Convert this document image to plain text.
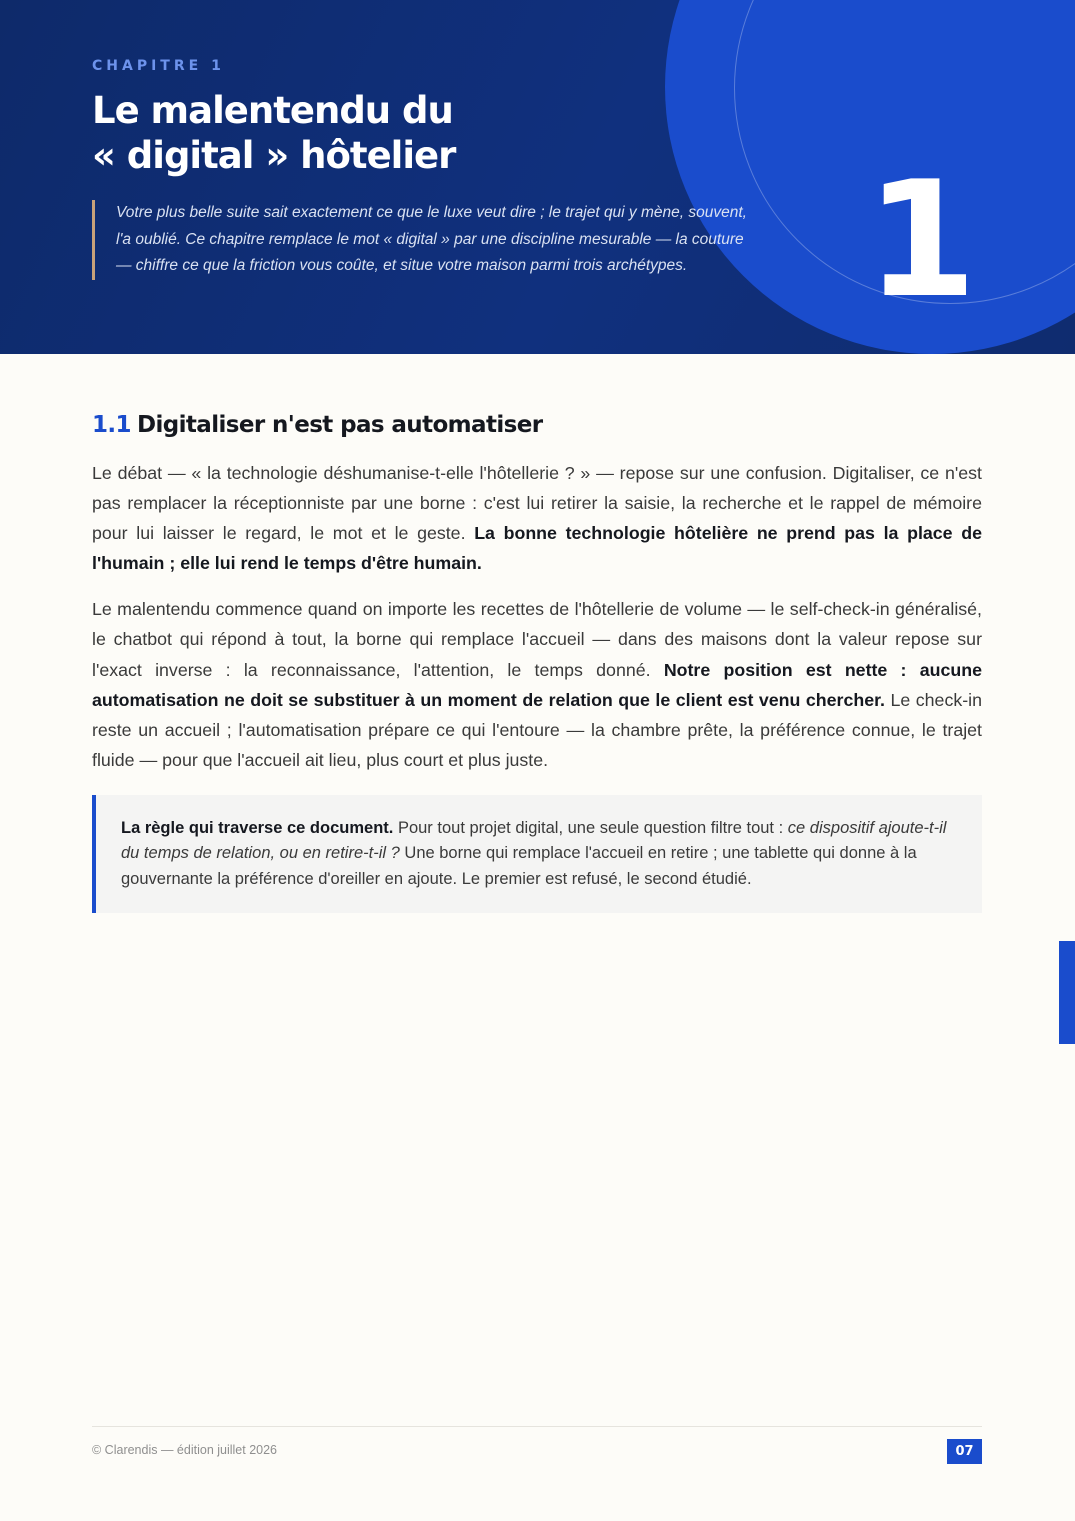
1
CHAPITRE 1
Le malentendu du
« digital » hôtelier
Votre plus belle suite sait exactement ce que le luxe veut dire ; le trajet qui y mène, souvent, l'a oublié. Ce chapitre remplace le mot « digital » par une discipline mesurable — la couture — chiffre ce que la friction vous coûte, et situe votre maison parmi trois archétypes.
1.1 Digitaliser n'est pas automatiser

Le débat — « la technologie déshumanise-t-elle l'hôtellerie ? » — repose sur une confusion. Digitaliser, ce n'est pas remplacer la réceptionniste par une borne : c'est lui retirer la saisie, la recherche et le rappel de mémoire pour lui laisser le regard, le mot et le geste. La bonne technologie hôtelière ne prend pas la place de l'humain ; elle lui rend le temps d'être humain.

Le malentendu commence quand on importe les recettes de l'hôtellerie de volume — le self-check-in généralisé, le chatbot qui répond à tout, la borne qui remplace l'accueil — dans des maisons dont la valeur repose sur l'exact inverse : la reconnaissance, l'attention, le temps donné. Notre position est nette : aucune automatisation ne doit se substituer à un moment de relation que le client est venu chercher. Le check-in reste un accueil ; l'automatisation prépare ce qui l'entoure — la chambre prête, la préférence connue, le trajet fluide — pour que l'accueil ait lieu, plus court et plus juste.

La règle qui traverse ce document. Pour tout projet digital, une seule question filtre tout : ce dispositif ajoute-t-il du temps de relation, ou en retire-t-il ? Une borne qui remplace l'accueil en retire ; une tablette qui donne à la gouvernante la préférence d'oreiller en ajoute. Le premier est refusé, le second étudié.
© Clarendis — édition juillet 2026	07
